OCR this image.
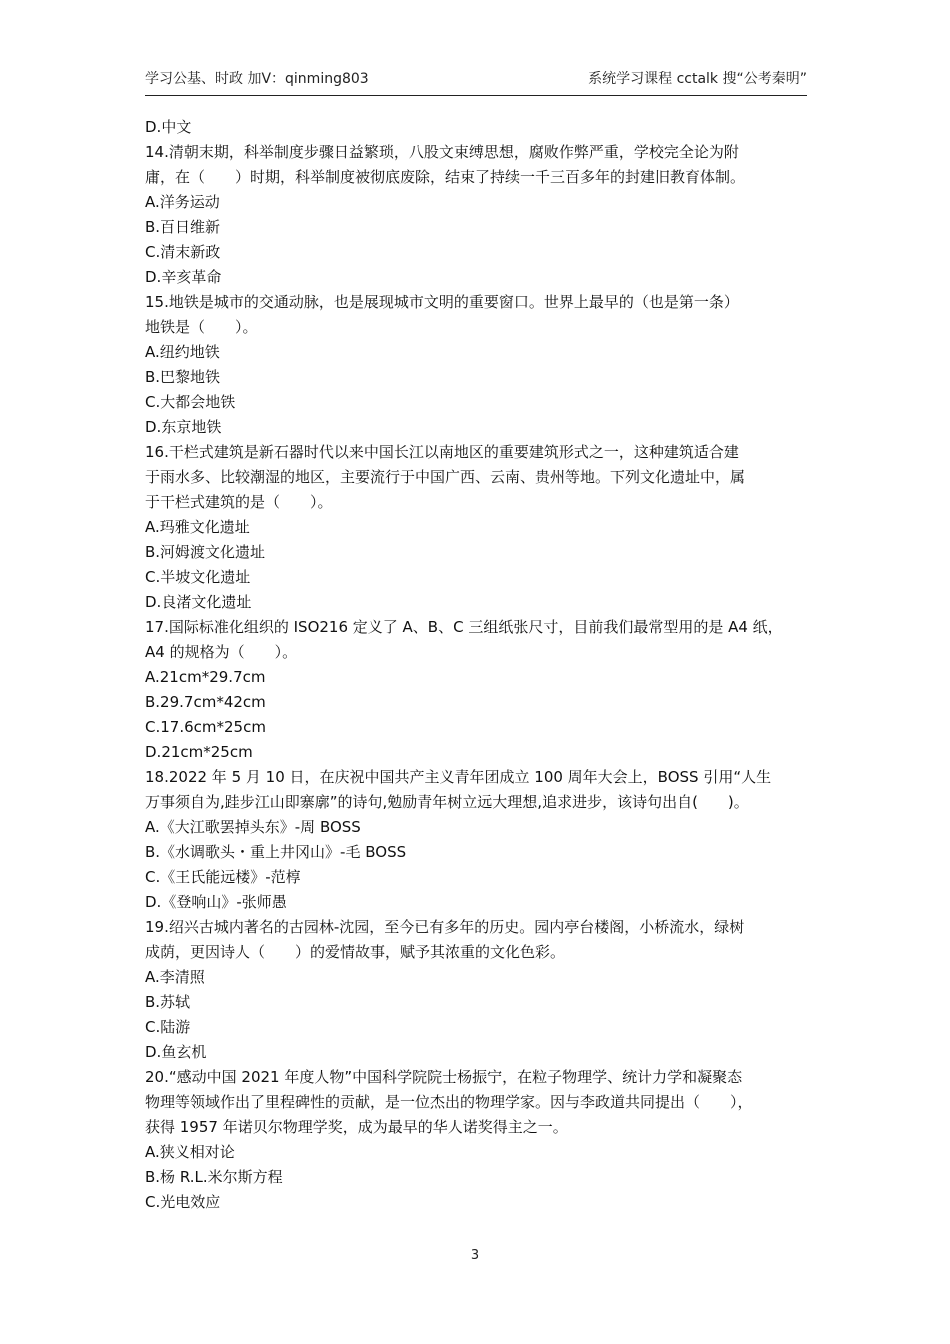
学习公基、时政 加V：qinming803	系统学习课程 cctalk 搜“公考秦明”
D.中文
14.清朝末期，科举制度步骤日益繁琐，八股文束缚思想，腐败作弊严重，学校完全论为附
庸，在（　　）时期，科举制度被彻底废除，结束了持续一千三百多年的封建旧教育体制。
A.洋务运动
B.百日维新
C.清末新政
D.辛亥革命
15.地铁是城市的交通动脉，也是展现城市文明的重要窗口。世界上最早的（也是第一条）
地铁是（　　）。
A.纽约地铁
B.巴黎地铁
C.大都会地铁
D.东京地铁
16.干栏式建筑是新石器时代以来中国长江以南地区的重要建筑形式之一，这种建筑适合建
于雨水多、比较潮湿的地区，主要流行于中国广西、云南、贵州等地。下列文化遗址中，属
于干栏式建筑的是（　　）。
A.玛雅文化遗址
B.河姆渡文化遗址
C.半坡文化遗址
D.良渚文化遗址
17.国际标准化组织的 ISO216 定义了 A、B、C 三组纸张尺寸，目前我们最常型用的是 A4 纸，
A4 的规格为（　　）。
A.21cm*29.7cm
B.29.7cm*42cm
C.17.6cm*25cm
D.21cm*25cm
18.2022 年 5 月 10 日，在庆祝中国共产主义青年团成立 100 周年大会上，BOSS 引用“人生
万事须自为,跬步江山即寨廓”的诗句,勉励青年树立远大理想,追求进步，该诗句出自(　　)。
A.《大江歌罢掉头东》-周 BOSS
B.《水调歌头・重上井冈山》-毛 BOSS
C.《王氏能远楼》-范椁
D.《登响山》-张师愚
19.绍兴古城内著名的古园林-沈园，至今已有多年的历史。园内亭台楼阁，小桥流水，绿树
成荫，更因诗人（　　）的爱情故事，赋予其浓重的文化色彩。
A.李清照
B.苏轼
C.陆游
D.鱼玄机
20.“感动中国 2021 年度人物”中国科学院院士杨振宁，在粒子物理学、统计力学和凝聚态
物理等领域作出了里程碑性的贡献，是一位杰出的物理学家。因与李政道共同提出（　　），
获得 1957 年诺贝尔物理学奖，成为最早的华人诺奖得主之一。
A.狭义相对论
B.杨 R.L.米尔斯方程
C.光电效应
3
